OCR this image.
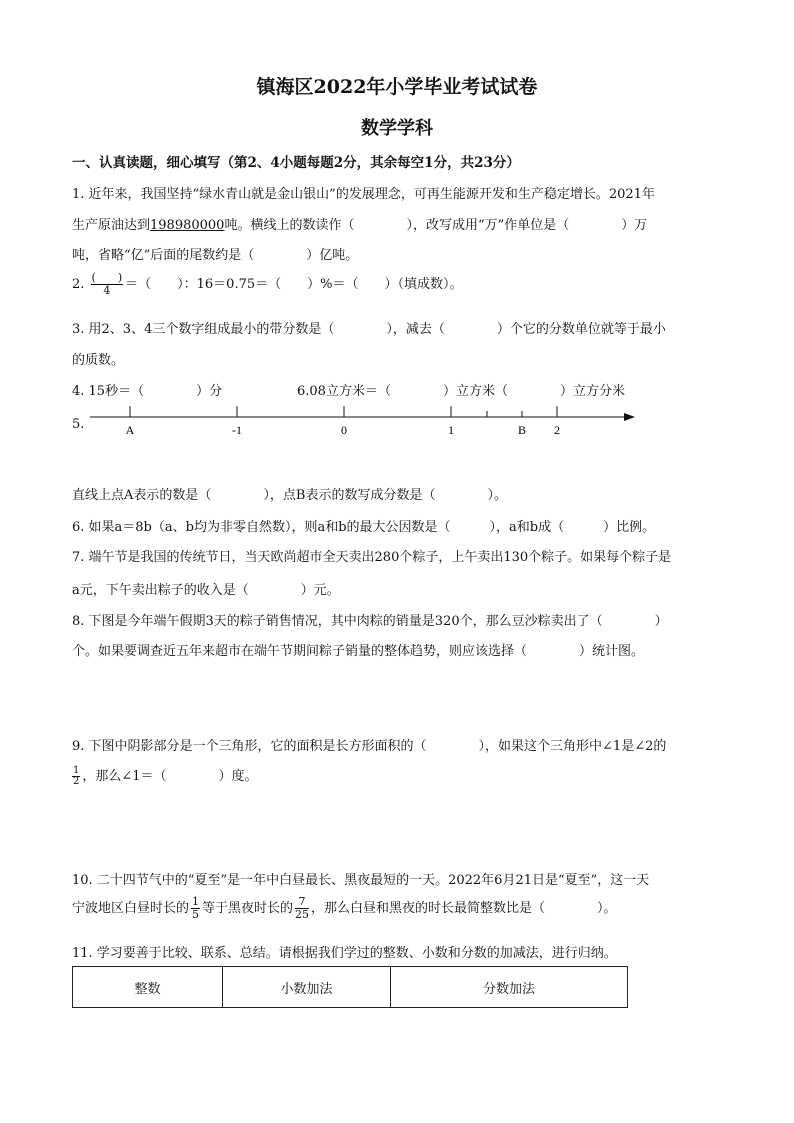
镇海区2022年小学毕业考试试卷
数学学科
一、认真读题，细心填写（第2、4小题每题2分，其余每空1分，共23分）
1. 近年来，我国坚持“绿水青山就是金山银山”的发展理念，可再生能源开发和生产稳定增长。2021年
生产原油达到198980000吨。横线上的数读作（　　　　），改写成用“万”作单位是（　　　　）万
吨，省略“亿”后面的尾数约是（　　　　）亿吨。
2. $\frac{( )}{4}$ ＝（　　）：16＝0.75＝（　　）%＝（　　）（填成数）。
3. 用2、3、4三个数字组成最小的带分数是（　　　　），减去（　　　　）个它的分数单位就等于最小
的质数。
4. 15秒＝（　　　　）分	6.08立方米＝（　　　　）立方米（　　　　）立方分米
5.	A	-1	0	1	B 2
直线上点A表示的数是（　　　　），点B表示的数写成分数是（　　　　）。
6. 如果a＝8b（a、b均为非零自然数），则a和b的最大公因数是（　　　），a和b成（　　　）比例。
7. 端午节是我国的传统节日，当天欧尚超市全天卖出280个粽子，上午卖出130个粽子。如果每个粽子是
a元，下午卖出粽子的收入是（　　　　）元。
8. 下图是今年端午假期3天的粽子销售情况，其中肉粽的销量是320个，那么豆沙粽卖出了（　　　　）
个。如果要调查近五年来超市在端午节期间粽子销量的整体趋势，则应该选择（　　　　）统计图。
9. 下图中阴影部分是一个三角形，它的面积是长方形面积的（　　　　），如果这个三角形中∠1是∠2的
$\frac{1}{2}$ ，那么∠1＝（　　　　）度。
10. 二十四节气中的“夏至”是一年中白昼最长、黑夜最短的一天。2022年6月21日是“夏至”，这一天
宁波地区白昼时长的 $\frac{1}{5}$ 等于黑夜时长的 $\frac{7}{25}$ ，那么白昼和黑夜的时长最简整数比是（　　　　）。
11. 学习要善于比较、联系、总结。请根据我们学过的整数、小数和分数的加减法，进行归纳。
整数	小数加法	分数加法
